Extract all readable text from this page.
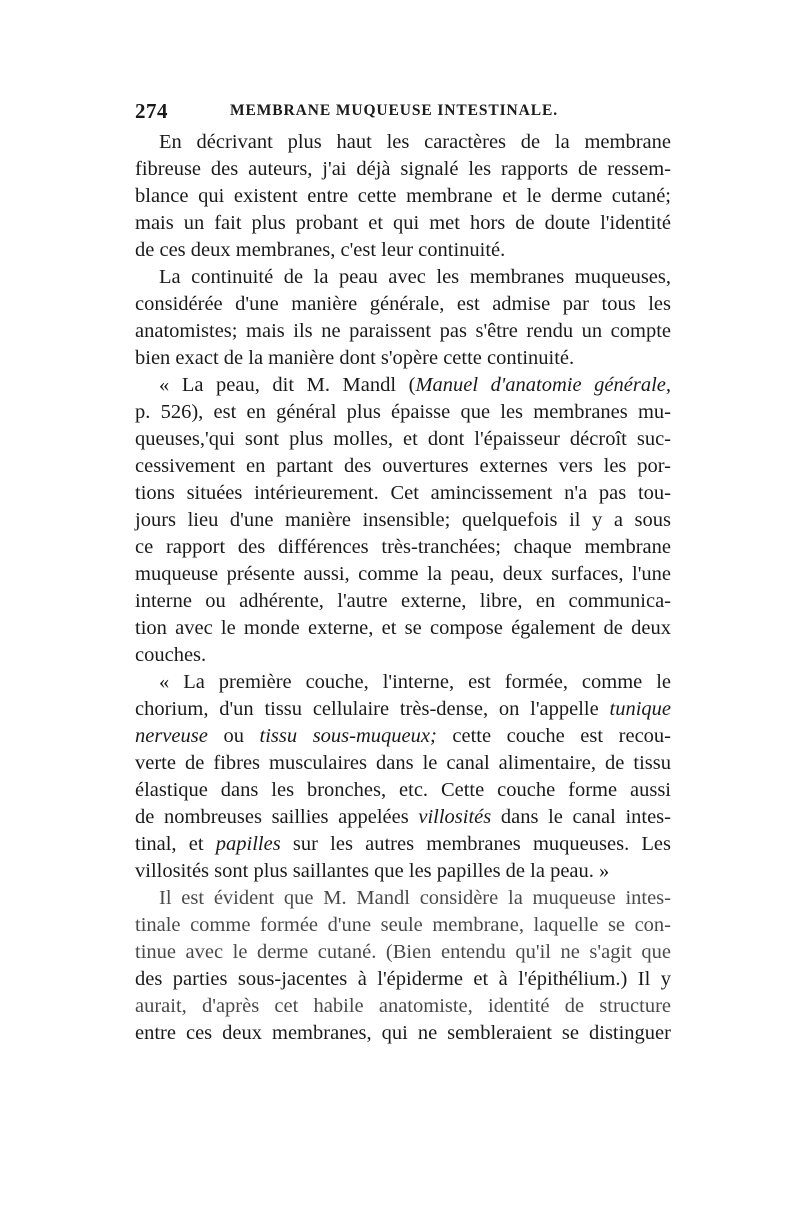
274	MEMBRANE MUQUEUSE INTESTINALE.
En décrivant plus haut les caractères de la membrane
fibreuse des auteurs, j'ai déjà signalé les rapports de ressem-
blance qui existent entre cette membrane et le derme cutané;
mais un fait plus probant et qui met hors de doute l'identité
de ces deux membranes, c'est leur continuité.
La continuité de la peau avec les membranes muqueuses,
considérée d'une manière générale, est admise par tous les
anatomistes; mais ils ne paraissent pas s'être rendu un compte
bien exact de la manière dont s'opère cette continuité.
« La peau, dit M. Mandl (Manuel d'anatomie générale,
p. 526), est en général plus épaisse que les membranes mu-
queuses,'qui sont plus molles, et dont l'épaisseur décroît suc-
cessivement en partant des ouvertures externes vers les por-
tions situées intérieurement. Cet amincissement n'a pas tou-
jours lieu d'une manière insensible; quelquefois il y a sous
ce rapport des différences très-tranchées; chaque membrane
muqueuse présente aussi, comme la peau, deux surfaces, l'une
interne ou adhérente, l'autre externe, libre, en communica-
tion avec le monde externe, et se compose également de deux
couches.
« La première couche, l'interne, est formée, comme le
chorium, d'un tissu cellulaire très-dense, on l'appelle tunique
nerveuse ou tissu sous-muqueux; cette couche est recou-
verte de fibres musculaires dans le canal alimentaire, de tissu
élastique dans les bronches, etc. Cette couche forme aussi
de nombreuses saillies appelées villosités dans le canal intes-
tinal, et papilles sur les autres membranes muqueuses. Les
villosités sont plus saillantes que les papilles de la peau. »
Il est évident que M. Mandl considère la muqueuse intes-
tinale comme formée d'une seule membrane, laquelle se con-
tinue avec le derme cutané. (Bien entendu qu'il ne s'agit que
des parties sous-jacentes à l'épiderme et à l'épithélium.) Il y
aurait, d'après cet habile anatomiste, identité de structure
entre ces deux membranes, qui ne sembleraient se distinguer
